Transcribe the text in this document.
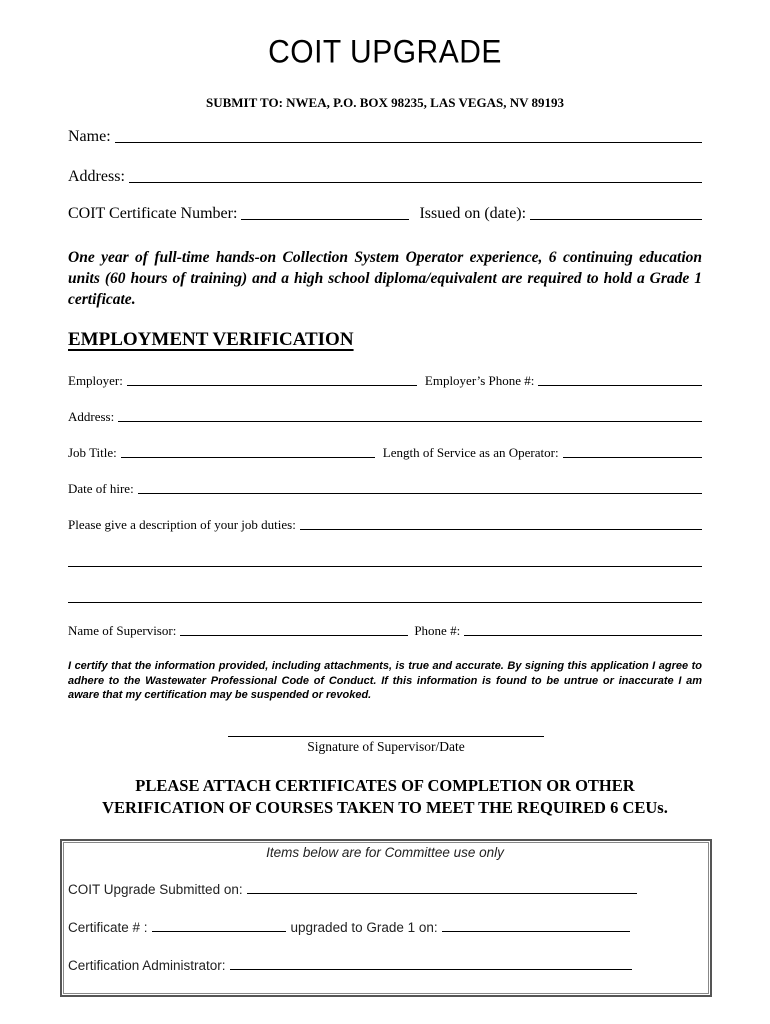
COIT UPGRADE
SUBMIT TO: NWEA, P.O. BOX 98235, LAS VEGAS, NV 89193
Name:
Address:
COIT Certificate Number:	Issued on (date):
One year of full-time hands-on Collection System Operator experience, 6 continuing education units (60 hours of training) and a high school diploma/equivalent are required to hold a Grade 1 certificate.
EMPLOYMENT VERIFICATION
Employer:	Employer’s Phone #:
Address:
Job Title:	Length of Service as an Operator:
Date of hire:
Please give a description of your job duties:
Name of Supervisor:	Phone #:
I certify that the information provided, including attachments, is true and accurate. By signing this application I agree to adhere to the Wastewater Professional Code of Conduct. If this information is found to be untrue or inaccurate I am aware that my certification may be suspended or revoked.
Signature of Supervisor/Date
PLEASE ATTACH CERTIFICATES OF COMPLETION OR OTHER
VERIFICATION OF COURSES TAKEN TO MEET THE REQUIRED 6 CEUs.
Items below are for Committee use only
COIT Upgrade Submitted on:
Certificate # :	upgraded to Grade 1 on:
Certification Administrator:
